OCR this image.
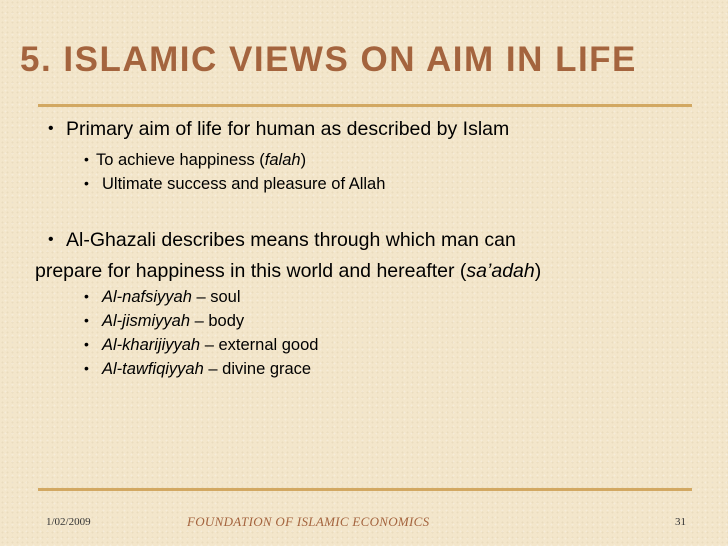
5. ISLAMIC VIEWS ON AIM IN LIFE
• Primary aim of life for human as described by Islam
• To achieve happiness (falah)
• Ultimate success and pleasure of Allah
• Al-Ghazali describes means through which man can
prepare for happiness in this world and hereafter (sa’adah)
• Al-nafsiyyah – soul
• Al-jismiyyah – body
• Al-kharijiyyah – external good
• Al-tawfiqiyyah – divine grace
1/02/2009	FOUNDATION OF ISLAMIC ECONOMICS	31
